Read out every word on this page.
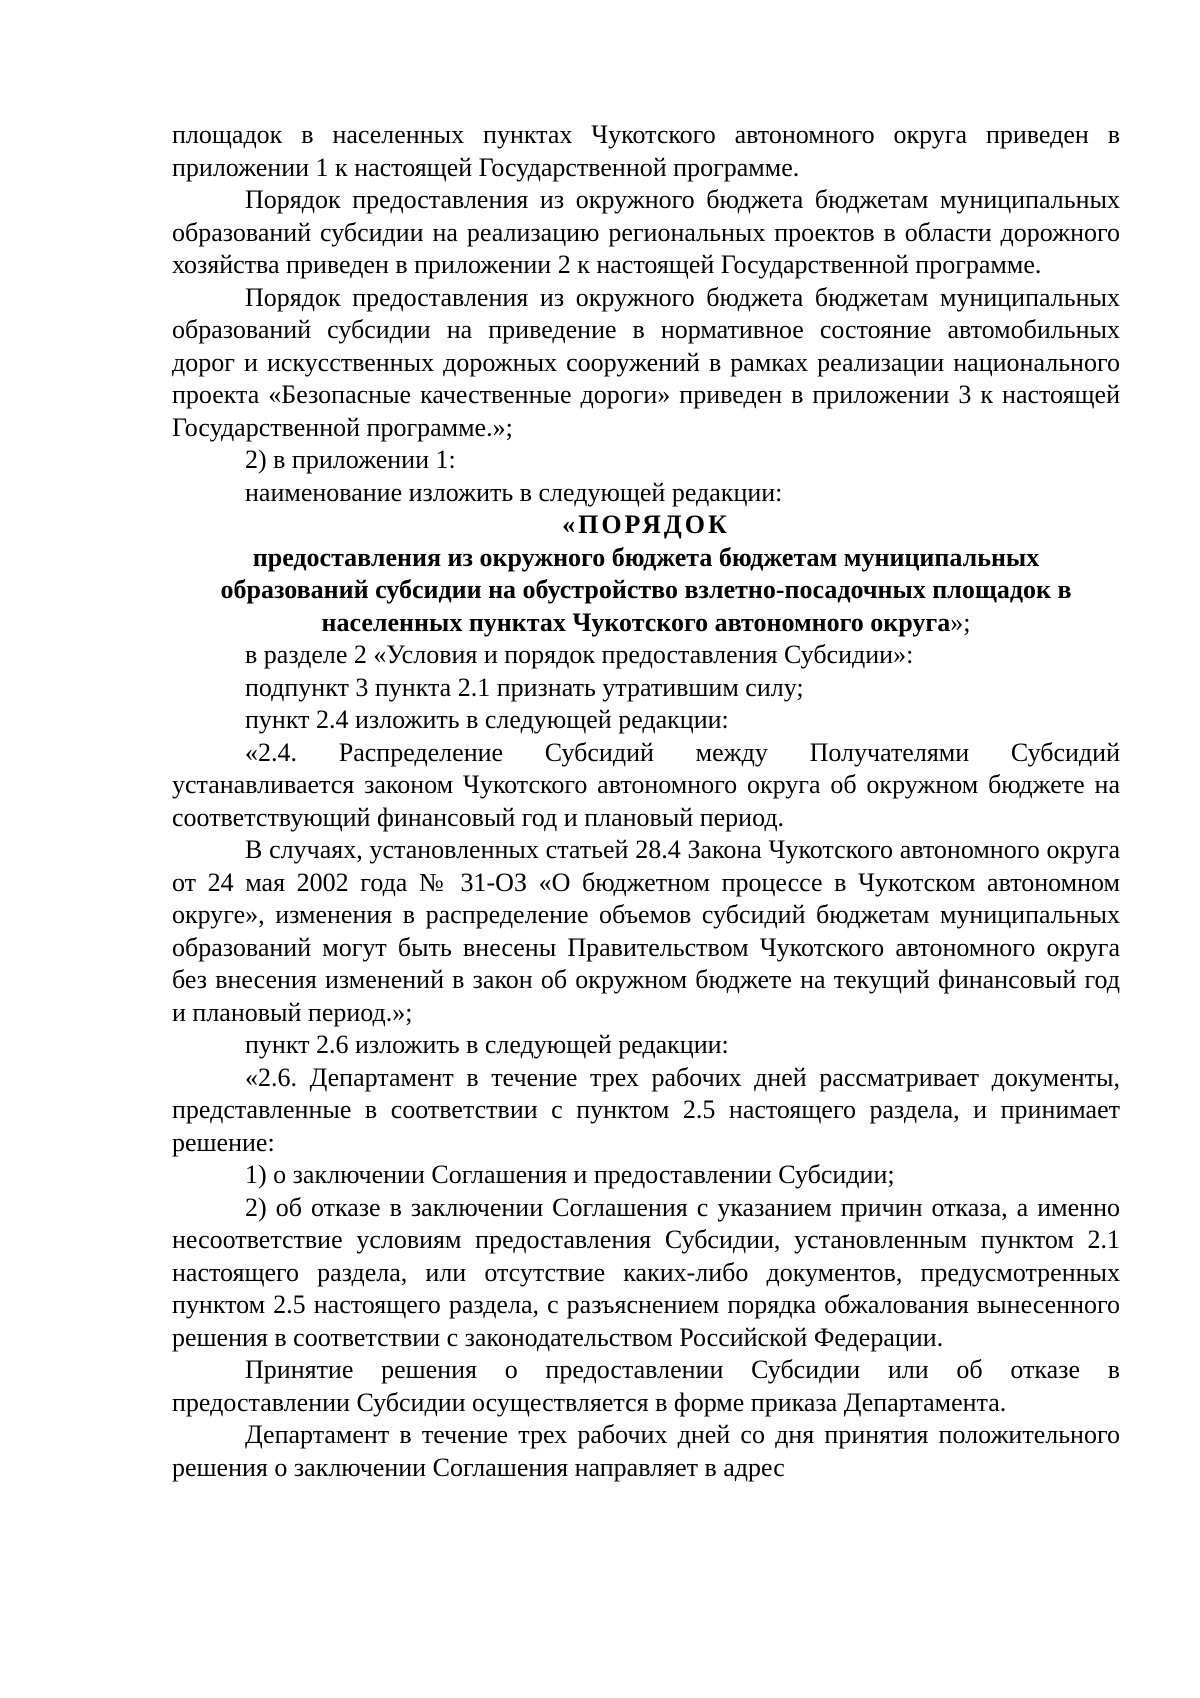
площадок в населенных пунктах Чукотского автономного округа приведен в приложении 1 к настоящей Государственной программе.

Порядок предоставления из окружного бюджета бюджетам муниципальных образований субсидии на реализацию региональных проектов в области дорожного хозяйства приведен в приложении 2 к настоящей Государственной программе.

Порядок предоставления из окружного бюджета бюджетам муниципальных образований субсидии на приведение в нормативное состояние автомобильных дорог и искусственных дорожных сооружений в рамках реализации национального проекта «Безопасные качественные дороги» приведен в приложении 3 к настоящей Государственной программе.»;

2) в приложении 1:

наименование изложить в следующей редакции:

«ПОРЯДОК
предоставления из окружного бюджета бюджетам муниципальных
образований субсидии на обустройство взлетно-посадочных площадок в
населенных пунктах Чукотского автономного округа»;

в разделе 2 «Условия и порядок предоставления Субсидии»:

подпункт 3 пункта 2.1 признать утратившим силу;

пункт 2.4 изложить в следующей редакции:

«2.4. Распределение Субсидий между Получателями Субсидий устанавливается законом Чукотского автономного округа об окружном бюджете на соответствующий финансовый год и плановый период.

В случаях, установленных статьей 28.4 Закона Чукотского автономного округа от 24 мая 2002 года № 31-ОЗ «О бюджетном процессе в Чукотском автономном округе», изменения в распределение объемов субсидий бюджетам муниципальных образований могут быть внесены Правительством Чукотского автономного округа без внесения изменений в закон об окружном бюджете на текущий финансовый год и плановый период.»;

пункт 2.6 изложить в следующей редакции:

«2.6. Департамент в течение трех рабочих дней рассматривает документы, представленные в соответствии с пунктом 2.5 настоящего раздела, и принимает решение:

1) о заключении Соглашения и предоставлении Субсидии;

2) об отказе в заключении Соглашения с указанием причин отказа, а именно несоответствие условиям предоставления Субсидии, установленным пунктом 2.1 настоящего раздела, или отсутствие каких-либо документов, предусмотренных пунктом 2.5 настоящего раздела, с разъяснением порядка обжалования вынесенного решения в соответствии с законодательством Российской Федерации.

Принятие решения о предоставлении Субсидии или об отказе в предоставлении Субсидии осуществляется в форме приказа Департамента.

Департамент в течение трех рабочих дней со дня принятия положительного решения о заключении Соглашения направляет в адрес
